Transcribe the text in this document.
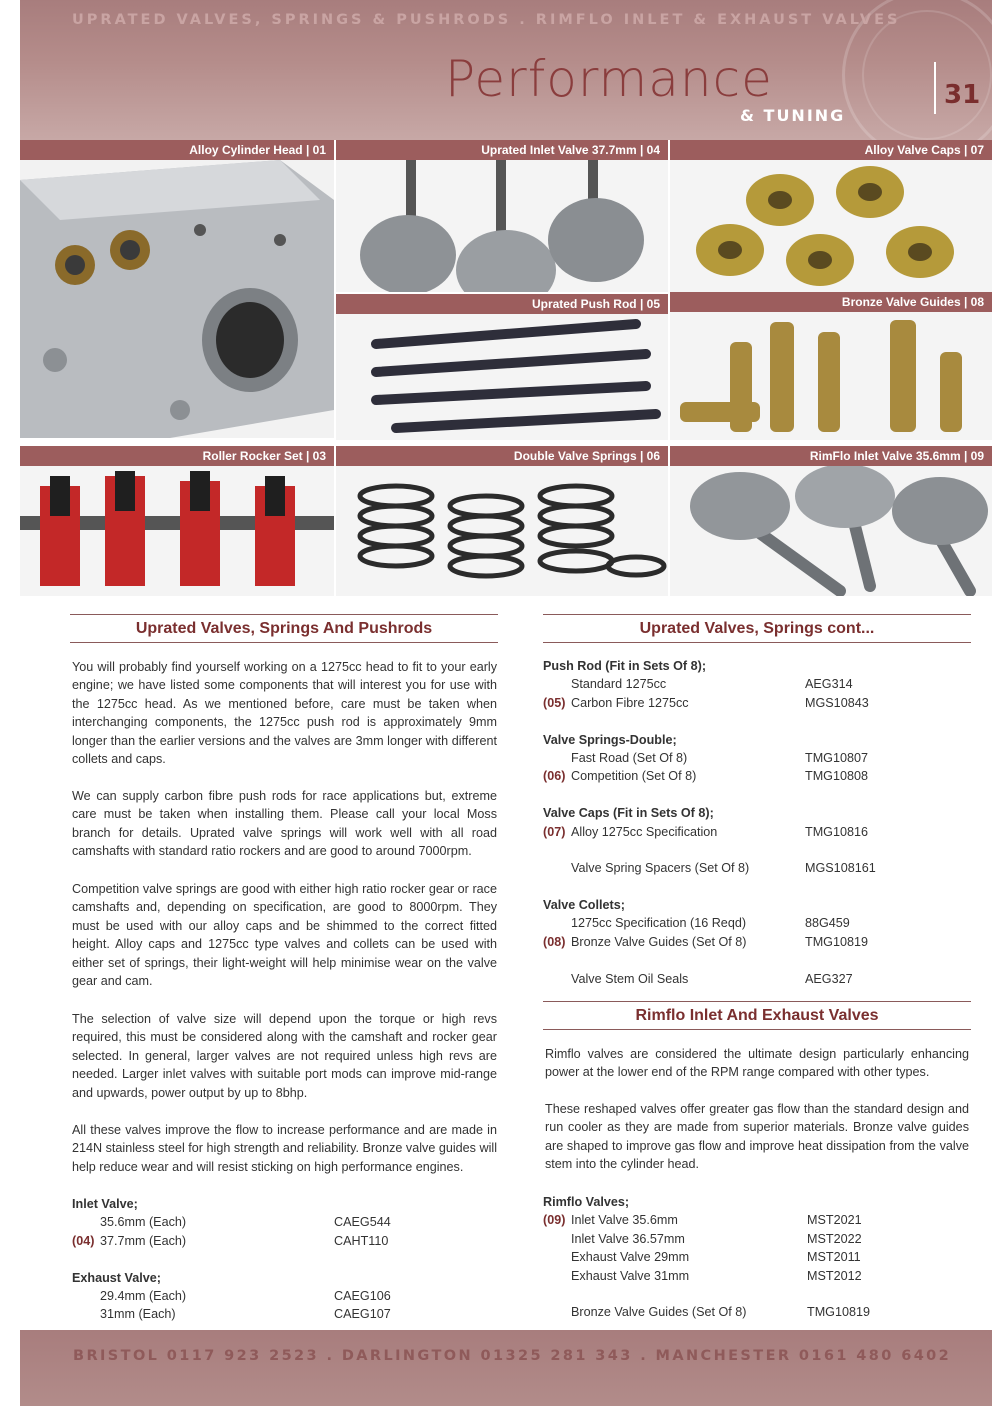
UPRATED VALVES, SPRINGS & PUSHRODS . RIMFLO INLET & EXHAUST VALVES
Performance
& TUNING
31
Alloy Cylinder Head | 01	Uprated Inlet Valve 37.7mm | 04	Alloy Valve Caps | 07
Uprated Push Rod | 05	Bronze Valve Guides | 08
Roller Rocker Set | 03	Double Valve Springs | 06	RimFlo Inlet Valve 35.6mm | 09
Uprated Valves, Springs And Pushrods
You will probably find yourself working on a 1275cc head to fit to your early engine; we have listed some components that will interest you for use with the 1275cc head. As we mentioned before, care must be taken when interchanging components, the 1275cc push rod is approximately 9mm longer than the earlier versions and the valves are 3mm longer with different collets and caps.
We can supply carbon fibre push rods for race applications but, extreme care must be taken when installing them. Please call your local Moss branch for details. Uprated valve springs will work well with all road camshafts with standard ratio rockers and are good to around 7000rpm.
Competition valve springs are good with either high ratio rocker gear or race camshafts and, depending on specification, are good to 8000rpm. They must be used with our alloy caps and be shimmed to the correct fitted height. Alloy caps and 1275cc type valves and collets can be used with either set of springs, their light-weight will help minimise wear on the valve gear and cam.
The selection of valve size will depend upon the torque or high revs required, this must be considered along with the camshaft and rocker gear selected. In general, larger valves are not required unless high revs are needed. Larger inlet valves with suitable port mods can improve mid-range and upwards, power output by up to 8bhp.
All these valves improve the flow to increase performance and are made in 214N stainless steel for high strength and reliability. Bronze valve guides will help reduce wear and will resist sticking on high performance engines.
Inlet Valve;
35.6mm (Each)	CAEG544
(04) 37.7mm (Each)	CAHT110
Exhaust Valve;
29.4mm (Each)	CAEG106
31mm (Each)	CAEG107
Uprated Valves, Springs cont...
Push Rod (Fit in Sets Of 8);
Standard 1275cc	AEG314
(05) Carbon Fibre 1275cc	MGS10843
Valve Springs-Double;
Fast Road (Set Of 8)	TMG10807
(06) Competition (Set Of 8)	TMG10808
Valve Caps (Fit in Sets Of 8);
(07) Alloy 1275cc Specification	TMG10816
Valve Spring Spacers (Set Of 8)	MGS108161
Valve Collets;
1275cc Specification (16 Reqd)	88G459
(08) Bronze Valve Guides (Set Of 8)	TMG10819
Valve Stem Oil Seals	AEG327
Rimflo Inlet And Exhaust Valves
Rimflo valves are considered the ultimate design particularly enhancing power at the lower end of the RPM range compared with other types.
These reshaped valves offer greater gas flow than the standard design and run cooler as they are made from superior materials. Bronze valve guides are shaped to improve gas flow and improve heat dissipation from the valve stem into the cylinder head.
Rimflo Valves;
(09) Inlet Valve 35.6mm	MST2021
Inlet Valve 36.57mm	MST2022
Exhaust Valve 29mm	MST2011
Exhaust Valve 31mm	MST2012
Bronze Valve Guides (Set Of 8)	TMG10819
BRISTOL 0117 923 2523 . DARLINGTON 01325 281 343 . MANCHESTER 0161 480 6402
